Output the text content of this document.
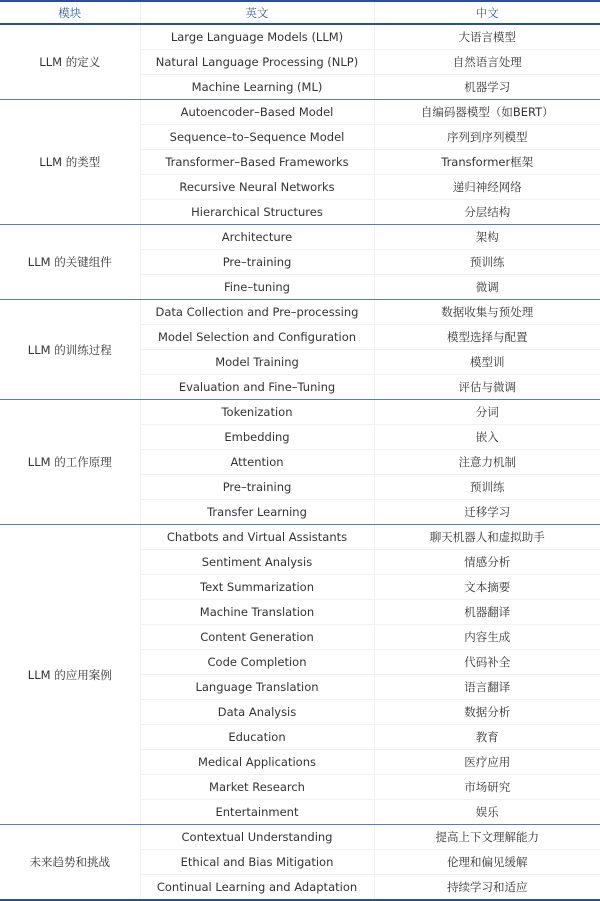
模块	英文	中文
LLM 的定义	Large Language Models (LLM)	大语言模型
	Natural Language Processing (NLP)	自然语言处理
	Machine Learning (ML)	机器学习
LLM 的类型	Autoencoder–Based Model	自编码器模型（如BERT）
	Sequence–to–Sequence Model	序列到序列模型
	Transformer–Based Frameworks	Transformer框架
	Recursive Neural Networks	递归神经网络
	Hierarchical Structures	分层结构
LLM 的关键组件	Architecture	架构
	Pre–training	预训练
	Fine–tuning	微调
LLM 的训练过程	Data Collection and Pre–processing	数据收集与预处理
	Model Selection and Configuration	模型选择与配置
	Model Training	模型训
	Evaluation and Fine–Tuning	评估与微调
LLM 的工作原理	Tokenization	分词
	Embedding	嵌入
	Attention	注意力机制
	Pre–training	预训练
	Transfer Learning	迁移学习
LLM 的应用案例	Chatbots and Virtual Assistants	聊天机器人和虚拟助手
	Sentiment Analysis	情感分析
	Text Summarization	文本摘要
	Machine Translation	机器翻译
	Content Generation	内容生成
	Code Completion	代码补全
	Language Translation	语言翻译
	Data Analysis	数据分析
	Education	教育
	Medical Applications	医疗应用
	Market Research	市场研究
	Entertainment	娱乐
未来趋势和挑战	Contextual Understanding	提高上下文理解能力
	Ethical and Bias Mitigation	伦理和偏见缓解
	Continual Learning and Adaptation	持续学习和适应
